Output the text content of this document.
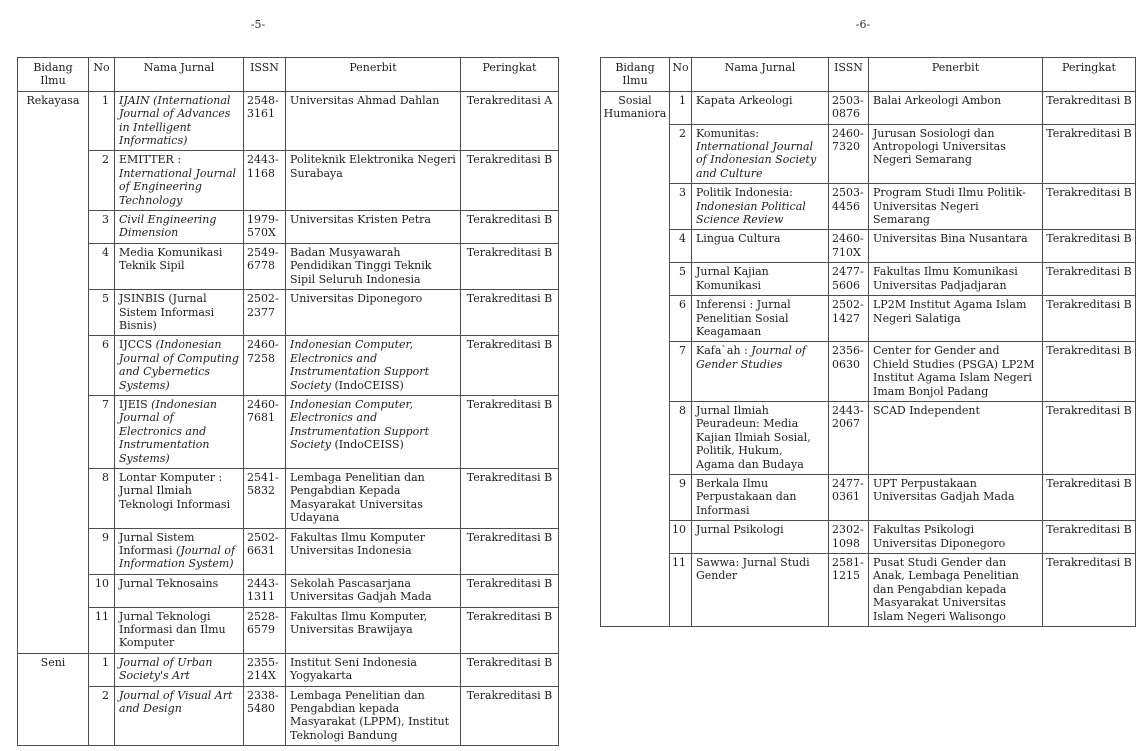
-5-	-6-
Bidang Ilmu	No	Nama Jurnal	ISSN	Penerbit	Peringkat
Rekayasa	1	IJAIN (International Journal of Advances in Intelligent Informatics)	2548-3161	Universitas Ahmad Dahlan	Terakreditasi A
	2	EMITTER : International Journal of Engineering Technology	2443-1168	Politeknik Elektronika Negeri Surabaya	Terakreditasi B
	3	Civil Engineering Dimension	1979-570X	Universitas Kristen Petra	Terakreditasi B
	4	Media Komunikasi Teknik Sipil	2549-6778	Badan Musyawarah Pendidikan Tinggi Teknik Sipil Seluruh Indonesia	Terakreditasi B
	5	JSINBIS (Jurnal Sistem Informasi Bisnis)	2502-2377	Universitas Diponegoro	Terakreditasi B
	6	IJCCS (Indonesian Journal of Computing and Cybernetics Systems)	2460-7258	Indonesian Computer, Electronics and Instrumentation Support Society (IndoCEISS)	Terakreditasi B
	7	IJEIS (Indonesian Journal of Electronics and Instrumentation Systems)	2460-7681	Indonesian Computer, Electronics and Instrumentation Support Society (IndoCEISS)	Terakreditasi B
	8	Lontar Komputer : Jurnal Ilmiah Teknologi Informasi	2541-5832	Lembaga Penelitian dan Pengabdian Kepada Masyarakat Universitas Udayana	Terakreditasi B
	9	Jurnal Sistem Informasi (Journal of Information System)	2502-6631	Fakultas Ilmu Komputer Universitas Indonesia	Terakreditasi B
	10	Jurnal Teknosains	2443-1311	Sekolah Pascasarjana Universitas Gadjah Mada	Terakreditasi B
	11	Jurnal Teknologi Informasi dan Ilmu Komputer	2528-6579	Fakultas Ilmu Komputer, Universitas Brawijaya	Terakreditasi B
Seni	1	Journal of Urban Society's Art	2355-214X	Institut Seni Indonesia Yogyakarta	Terakreditasi B
	2	Journal of Visual Art and Design	2338-5480	Lembaga Penelitian dan Pengabdian kepada Masyarakat (LPPM), Institut Teknologi Bandung	Terakreditasi B
Bidang Ilmu	No	Nama Jurnal	ISSN	Penerbit	Peringkat
Sosial Humaniora	1	Kapata Arkeologi	2503-0876	Balai Arkeologi Ambon	Terakreditasi B
	2	Komunitas: International Journal of Indonesian Society and Culture	2460-7320	Jurusan Sosiologi dan Antropologi Universitas Negeri Semarang	Terakreditasi B
	3	Politik Indonesia: Indonesian Political Science Review	2503-4456	Program Studi Ilmu Politik-Universitas Negeri Semarang	Terakreditasi B
	4	Lingua Cultura	2460-710X	Universitas Bina Nusantara	Terakreditasi B
	5	Jurnal Kajian Komunikasi	2477-5606	Fakultas Ilmu Komunikasi Universitas Padjadjaran	Terakreditasi B
	6	Inferensi : Jurnal Penelitian Sosial Keagamaan	2502-1427	LP2M Institut Agama Islam Negeri Salatiga	Terakreditasi B
	7	Kafa`ah : Journal of Gender Studies	2356-0630	Center for Gender and Chield Studies (PSGA) LP2M Institut Agama Islam Negeri Imam Bonjol Padang	Terakreditasi B
	8	Jurnal Ilmiah Peuradeun: Media Kajian Ilmiah Sosial, Politik, Hukum, Agama dan Budaya	2443-2067	SCAD Independent	Terakreditasi B
	9	Berkala Ilmu Perpustakaan dan Informasi	2477-0361	UPT Perpustakaan Universitas Gadjah Mada	Terakreditasi B
	10	Jurnal Psikologi	2302-1098	Fakultas Psikologi Universitas Diponegoro	Terakreditasi B
	11	Sawwa: Jurnal Studi Gender	2581-1215	Pusat Studi Gender dan Anak, Lembaga Penelitian dan Pengabdian kepada Masyarakat Universitas Islam Negeri Walisongo	Terakreditasi B
